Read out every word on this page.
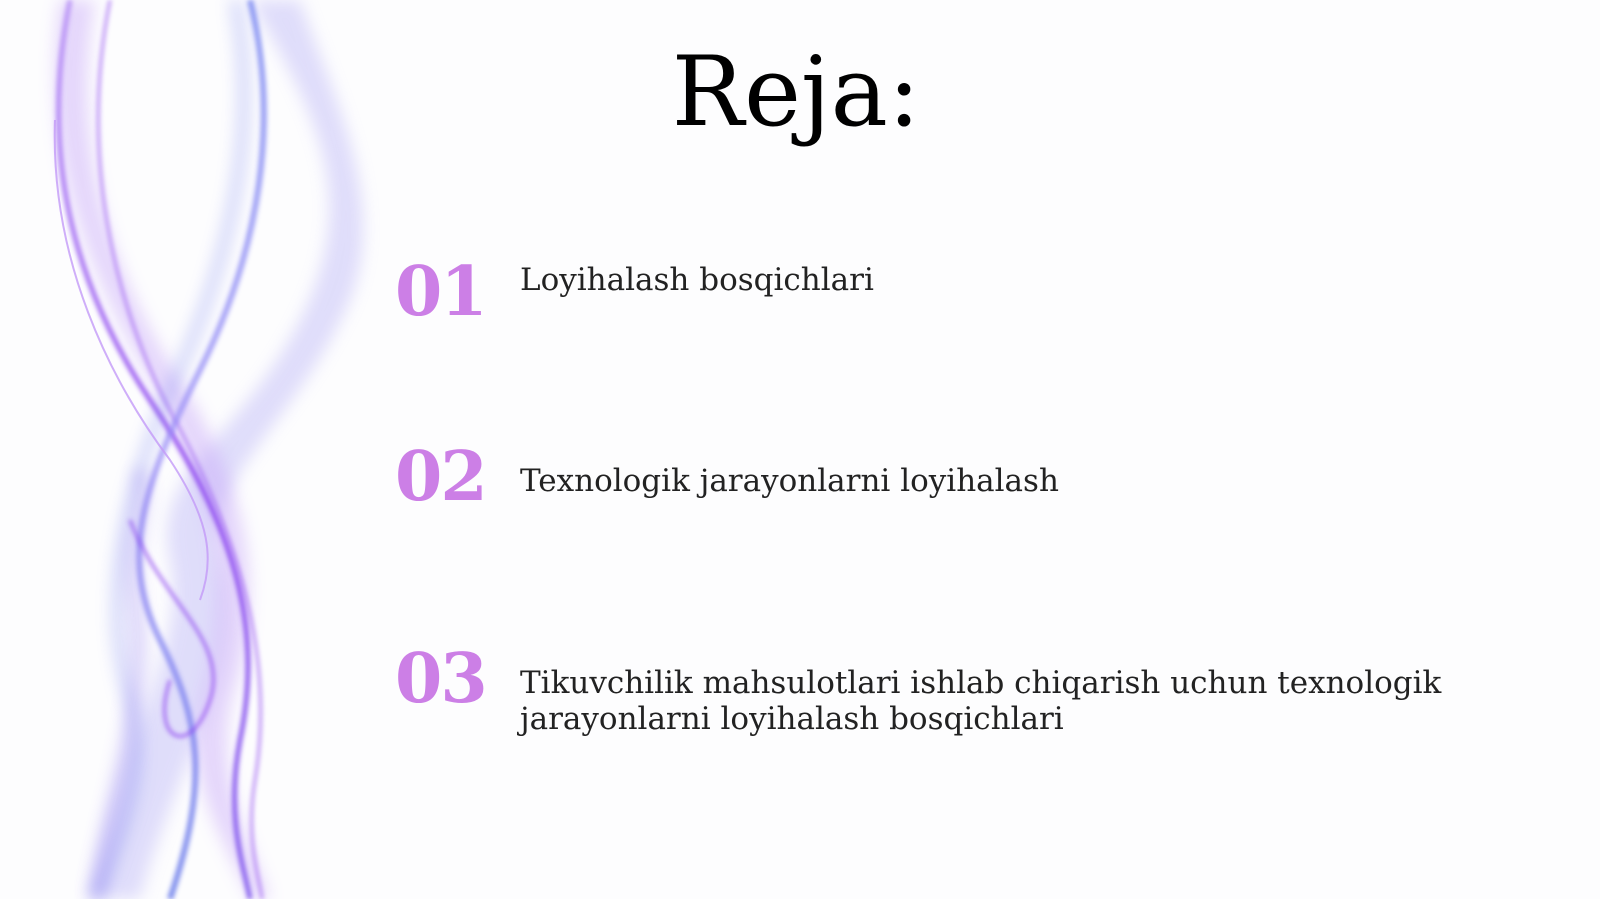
Reja:
01 Loyihalash bosqichlari
02 Texnologik jarayonlarni loyihalash
03 Tikuvchilik mahsulotlari ishlab chiqarish uchun texnologik jarayonlarni loyihalash bosqichlari
